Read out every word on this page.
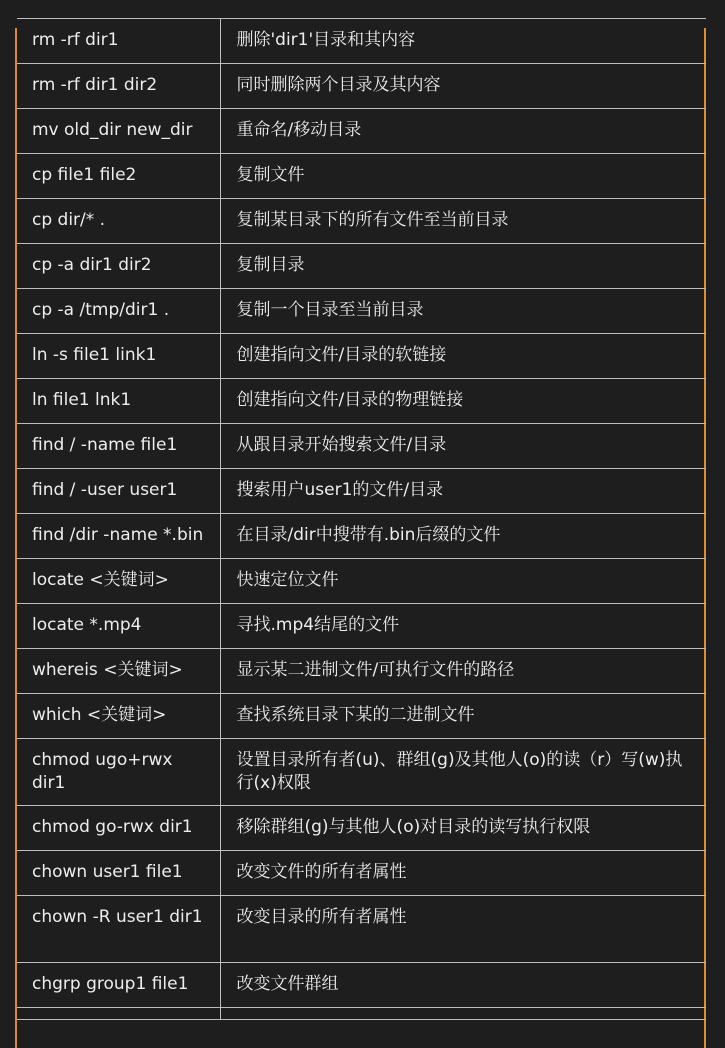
rm -rf dir1	删除'dir1'目录和其内容
rm -rf dir1 dir2	同时删除两个目录及其内容
mv old_dir new_dir	重命名/移动目录
cp file1 file2	复制文件
cp dir/* .	复制某目录下的所有文件至当前目录
cp -a dir1 dir2	复制目录
cp -a /tmp/dir1 .	复制一个目录至当前目录
ln -s file1 link1	创建指向文件/目录的软链接
ln file1 lnk1	创建指向文件/目录的物理链接
find / -name file1	从跟目录开始搜索文件/目录
find / -user user1	搜索用户user1的文件/目录
find /dir -name *.bin	在目录/dir中搜带有.bin后缀的文件
locate <关键词>	快速定位文件
locate *.mp4	寻找.mp4结尾的文件
whereis <关键词>	显示某二进制文件/可执行文件的路径
which <关键词>	查找系统目录下某的二进制文件
chmod ugo+rwx dir1	设置目录所有者(u)、群组(g)及其他人(o)的读（r）写(w)执行(x)权限
chmod go-rwx dir1	移除群组(g)与其他人(o)对目录的读写执行权限
chown user1 file1	改变文件的所有者属性
chown -R user1 dir1	改变目录的所有者属性
chgrp group1 file1	改变文件群组
